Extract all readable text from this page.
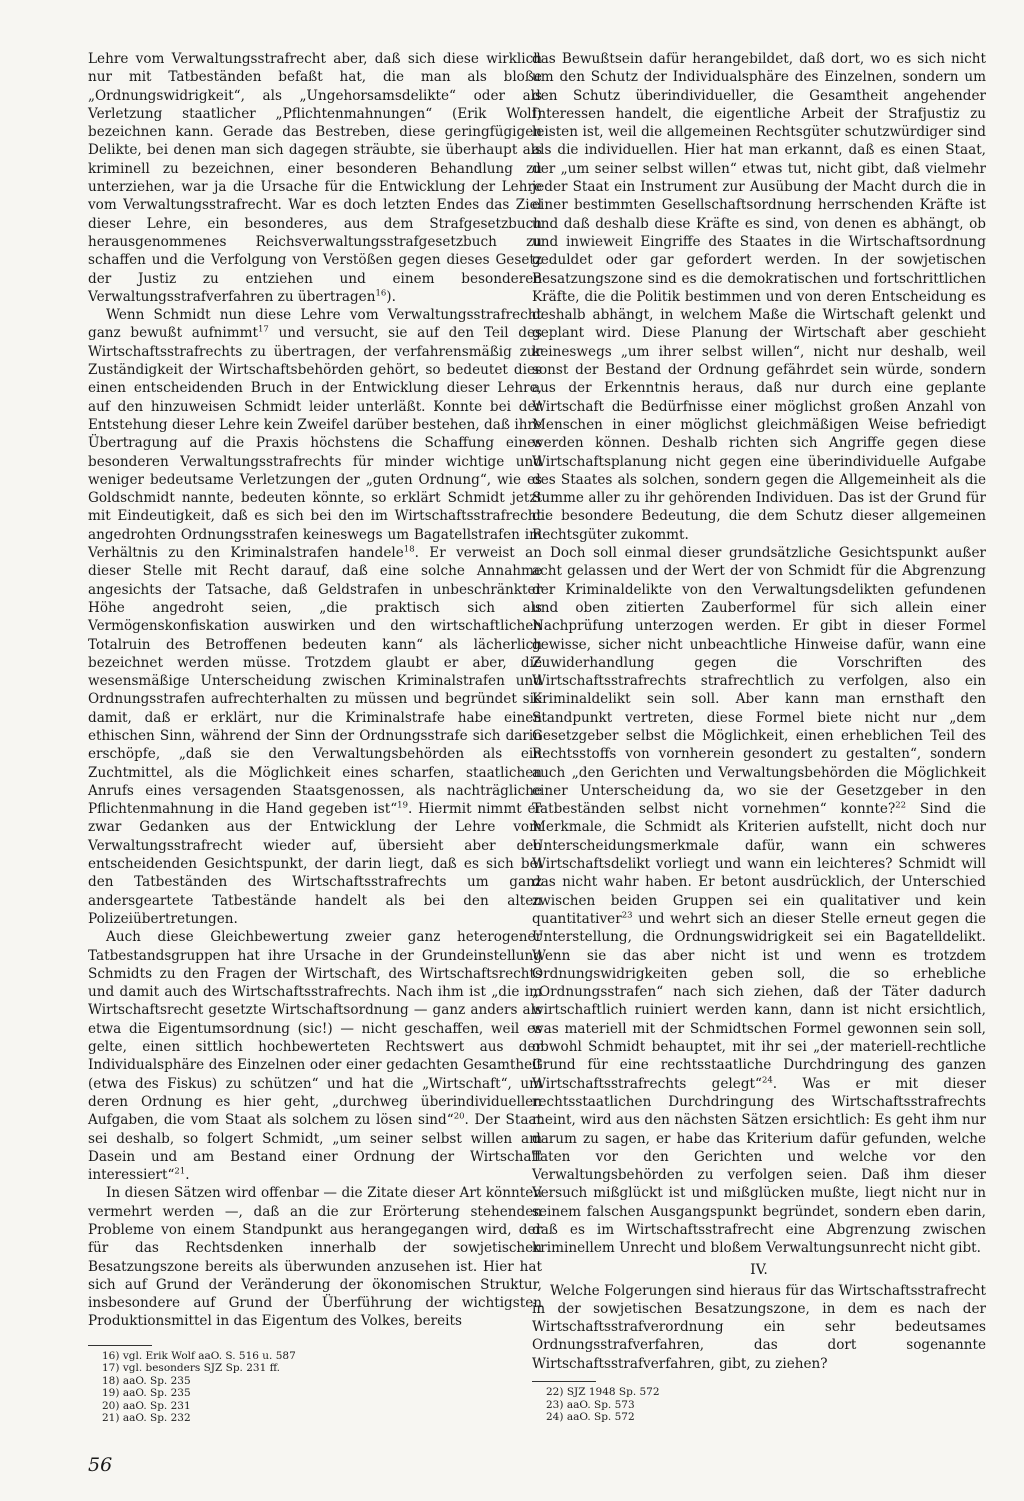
Lehre vom Verwaltungsstrafrecht aber, daß sich diese wirklich nur mit Tatbeständen befaßt hat, die man als bloße „Ordnungswidrigkeit“, als „Ungehorsamsdelikte“ oder als Verletzung staatlicher „Pflichtenmahnungen“ (Erik Wolf) bezeichnen kann. Gerade das Bestreben, diese geringfügigen Delikte, bei denen man sich dagegen sträubte, sie überhaupt als kriminell zu bezeichnen, einer besonderen Behandlung zu unterziehen, war ja die Ursache für die Entwicklung der Lehre vom Verwaltungsstrafrecht. War es doch letzten Endes das Ziel dieser Lehre, ein besonderes, aus dem Strafgesetzbuch herausgenommenes Reichsverwaltungsstrafgesetzbuch zu schaffen und die Verfolgung von Verstößen gegen dieses Gesetz der Justiz zu entziehen und einem besonderen Verwaltungsstrafverfahren zu übertragen$^{16}$).

Wenn Schmidt nun diese Lehre vom Verwaltungsstrafrecht ganz bewußt aufnimmt$^{17}$ und versucht, sie auf den Teil des Wirtschaftsstrafrechts zu übertragen, der verfahrensmäßig zur Zuständigkeit der Wirtschaftsbehörden gehört, so bedeutet dies einen entscheidenden Bruch in der Entwicklung dieser Lehre, auf den hinzuweisen Schmidt leider unterläßt. Konnte bei der Entstehung dieser Lehre kein Zweifel darüber bestehen, daß ihre Übertragung auf die Praxis höchstens die Schaffung eines besonderen Verwaltungsstrafrechts für minder wichtige und weniger bedeutsame Verletzungen der „guten Ordnung“, wie es Goldschmidt nannte, bedeuten könnte, so erklärt Schmidt jetzt mit Eindeutigkeit, daß es sich bei den im Wirtschaftsstrafrecht angedrohten Ordnungsstrafen keineswegs um Bagatellstrafen im Verhältnis zu den Kriminalstrafen handele$^{18}$. Er verweist an dieser Stelle mit Recht darauf, daß eine solche Annahme angesichts der Tatsache, daß Geldstrafen in unbeschränkter Höhe angedroht seien, „die praktisch sich als Vermögenskonfiskation auswirken und den wirtschaftlichen Totalruin des Betroffenen bedeuten kann“ als lächerlich bezeichnet werden müsse. Trotzdem glaubt er aber, die wesensmäßige Unterscheidung zwischen Kriminalstrafen und Ordnungsstrafen aufrechterhalten zu müssen und begründet sie damit, daß er erklärt, nur die Kriminalstrafe habe einen ethischen Sinn, während der Sinn der Ordnungsstrafe sich darin erschöpfe, „daß sie den Verwaltungsbehörden als ein Zuchtmittel, als die Möglichkeit eines scharfen, staatlichen Anrufs eines versagenden Staatsgenossen, als nachträgliche Pflichtenmahnung in die Hand gegeben ist“$^{19}$. Hiermit nimmt er zwar Gedanken aus der Entwicklung der Lehre vom Verwaltungsstrafrecht wieder auf, übersieht aber den entscheidenden Gesichtspunkt, der darin liegt, daß es sich bei den Tatbeständen des Wirtschaftsstrafrechts um ganz andersgeartete Tatbestände handelt als bei den alten Polizeiübertretungen.

Auch diese Gleichbewertung zweier ganz heterogener Tatbestandsgruppen hat ihre Ursache in der Grundeinstellung Schmidts zu den Fragen der Wirtschaft, des Wirtschaftsrechts und damit auch des Wirtschaftsstrafrechts. Nach ihm ist „die im Wirtschaftsrecht gesetzte Wirtschaftsordnung — ganz anders als etwa die Eigentumsordnung (sic!) — nicht geschaffen, weil es gelte, einen sittlich hochbewerteten Rechtswert aus der Individualsphäre des Einzelnen oder einer gedachten Gesamtheit (etwa des Fiskus) zu schützen“ und hat die „Wirtschaft“, um deren Ordnung es hier geht, „durchweg überindividuellen Aufgaben, die vom Staat als solchem zu lösen sind“$^{20}$. Der Staat sei deshalb, so folgert Schmidt, „um seiner selbst willen am Dasein und am Bestand einer Ordnung der Wirtschaft interessiert“$^{21}$.

In diesen Sätzen wird offenbar — die Zitate dieser Art könnten vermehrt werden —, daß an die zur Erörterung stehenden Probleme von einem Standpunkt aus herangegangen wird, der für das Rechtsdenken innerhalb der sowjetischen Besatzungszone bereits als überwunden anzusehen ist. Hier hat sich auf Grund der Veränderung der ökonomischen Struktur, insbesondere auf Grund der Überführung der wichtigsten Produktionsmittel in das Eigentum des Volkes, bereits

16) vgl. Erik Wolf aaO. S. 516 u. 587

17) vgl. besonders SJZ Sp. 231 ff.

18) aaO. Sp. 235

19) aaO. Sp. 235

20) aaO. Sp. 231

21) aaO. Sp. 232

das Bewußtsein dafür herangebildet, daß dort, wo es sich nicht um den Schutz der Individualsphäre des Einzelnen, sondern um den Schutz überindividueller, die Gesamtheit angehender Interessen handelt, die eigentliche Arbeit der Strafjustiz zu leisten ist, weil die allgemeinen Rechtsgüter schutzwürdiger sind als die individuellen. Hier hat man erkannt, daß es einen Staat, der „um seiner selbst willen“ etwas tut, nicht gibt, daß vielmehr jeder Staat ein Instrument zur Ausübung der Macht durch die in einer bestimmten Gesellschaftsordnung herrschenden Kräfte ist und daß deshalb diese Kräfte es sind, von denen es abhängt, ob und inwieweit Eingriffe des Staates in die Wirtschaftsordnung geduldet oder gar gefordert werden. In der sowjetischen Besatzungszone sind es die demokratischen und fortschrittlichen Kräfte, die die Politik bestimmen und von deren Entscheidung es deshalb abhängt, in welchem Maße die Wirtschaft gelenkt und geplant wird. Diese Planung der Wirtschaft aber geschieht keineswegs „um ihrer selbst willen“, nicht nur deshalb, weil sonst der Bestand der Ordnung gefährdet sein würde, sondern aus der Erkenntnis heraus, daß nur durch eine geplante Wirtschaft die Bedürfnisse einer möglichst großen Anzahl von Menschen in einer möglichst gleichmäßigen Weise befriedigt werden können. Deshalb richten sich Angriffe gegen diese Wirtschaftsplanung nicht gegen eine überindividuelle Aufgabe des Staates als solchen, sondern gegen die Allgemeinheit als die Summe aller zu ihr gehörenden Individuen. Das ist der Grund für die besondere Bedeutung, die dem Schutz dieser allgemeinen Rechtsgüter zukommt.

Doch soll einmal dieser grundsätzliche Gesichtspunkt außer acht gelassen und der Wert der von Schmidt für die Abgrenzung der Kriminaldelikte von den Verwaltungsdelikten gefundenen und oben zitierten Zauberformel für sich allein einer Nachprüfung unterzogen werden. Er gibt in dieser Formel gewisse, sicher nicht unbeachtliche Hinweise dafür, wann eine Zuwiderhandlung gegen die Vorschriften des Wirtschaftsstrafrechts strafrechtlich zu verfolgen, also ein Kriminaldelikt sein soll. Aber kann man ernsthaft den Standpunkt vertreten, diese Formel biete nicht nur „dem Gesetzgeber selbst die Möglichkeit, einen erheblichen Teil des Rechtsstoffs von vornherein gesondert zu gestalten“, sondern auch „den Gerichten und Verwaltungsbehörden die Möglichkeit einer Unterscheidung da, wo sie der Gesetzgeber in den Tatbeständen selbst nicht vornehmen“ konnte?$^{22}$ Sind die Merkmale, die Schmidt als Kriterien aufstellt, nicht doch nur Unterscheidungsmerkmale dafür, wann ein schweres Wirtschaftsdelikt vorliegt und wann ein leichteres? Schmidt will das nicht wahr haben. Er betont ausdrücklich, der Unterschied zwischen beiden Gruppen sei ein qualitativer und kein quantitativer$^{23}$ und wehrt sich an dieser Stelle erneut gegen die Unterstellung, die Ordnungswidrigkeit sei ein Bagatelldelikt. Wenn sie das aber nicht ist und wenn es trotzdem Ordnungswidrigkeiten geben soll, die so erhebliche „Ordnungsstrafen“ nach sich ziehen, daß der Täter dadurch wirtschaftlich ruiniert werden kann, dann ist nicht ersichtlich, was materiell mit der Schmidtschen Formel gewonnen sein soll, obwohl Schmidt behauptet, mit ihr sei „der materiell-rechtliche Grund für eine rechtsstaatliche Durchdringung des ganzen Wirtschaftsstrafrechts gelegt“$^{24}$. Was er mit dieser rechtsstaatlichen Durchdringung des Wirtschaftsstrafrechts meint, wird aus den nächsten Sätzen ersichtlich: Es geht ihm nur darum zu sagen, er habe das Kriterium dafür gefunden, welche Taten vor den Gerichten und welche vor den Verwaltungsbehörden zu verfolgen seien. Daß ihm dieser Versuch mißglückt ist und mißglücken mußte, liegt nicht nur in seinem falschen Ausgangspunkt begründet, sondern eben darin, daß es im Wirtschaftsstrafrecht eine Abgrenzung zwischen kriminellem Unrecht und bloßem Verwaltungsunrecht nicht gibt.

IV.

Welche Folgerungen sind hieraus für das Wirtschaftsstrafrecht in der sowjetischen Besatzungszone, in dem es nach der Wirtschaftsstrafverordnung ein sehr bedeutsames Ordnungsstrafverfahren, das dort sogenannte Wirtschaftsstrafverfahren, gibt, zu ziehen?

22) SJZ 1948 Sp. 572

23) aaO. Sp. 573

24) aaO. Sp. 572

56
